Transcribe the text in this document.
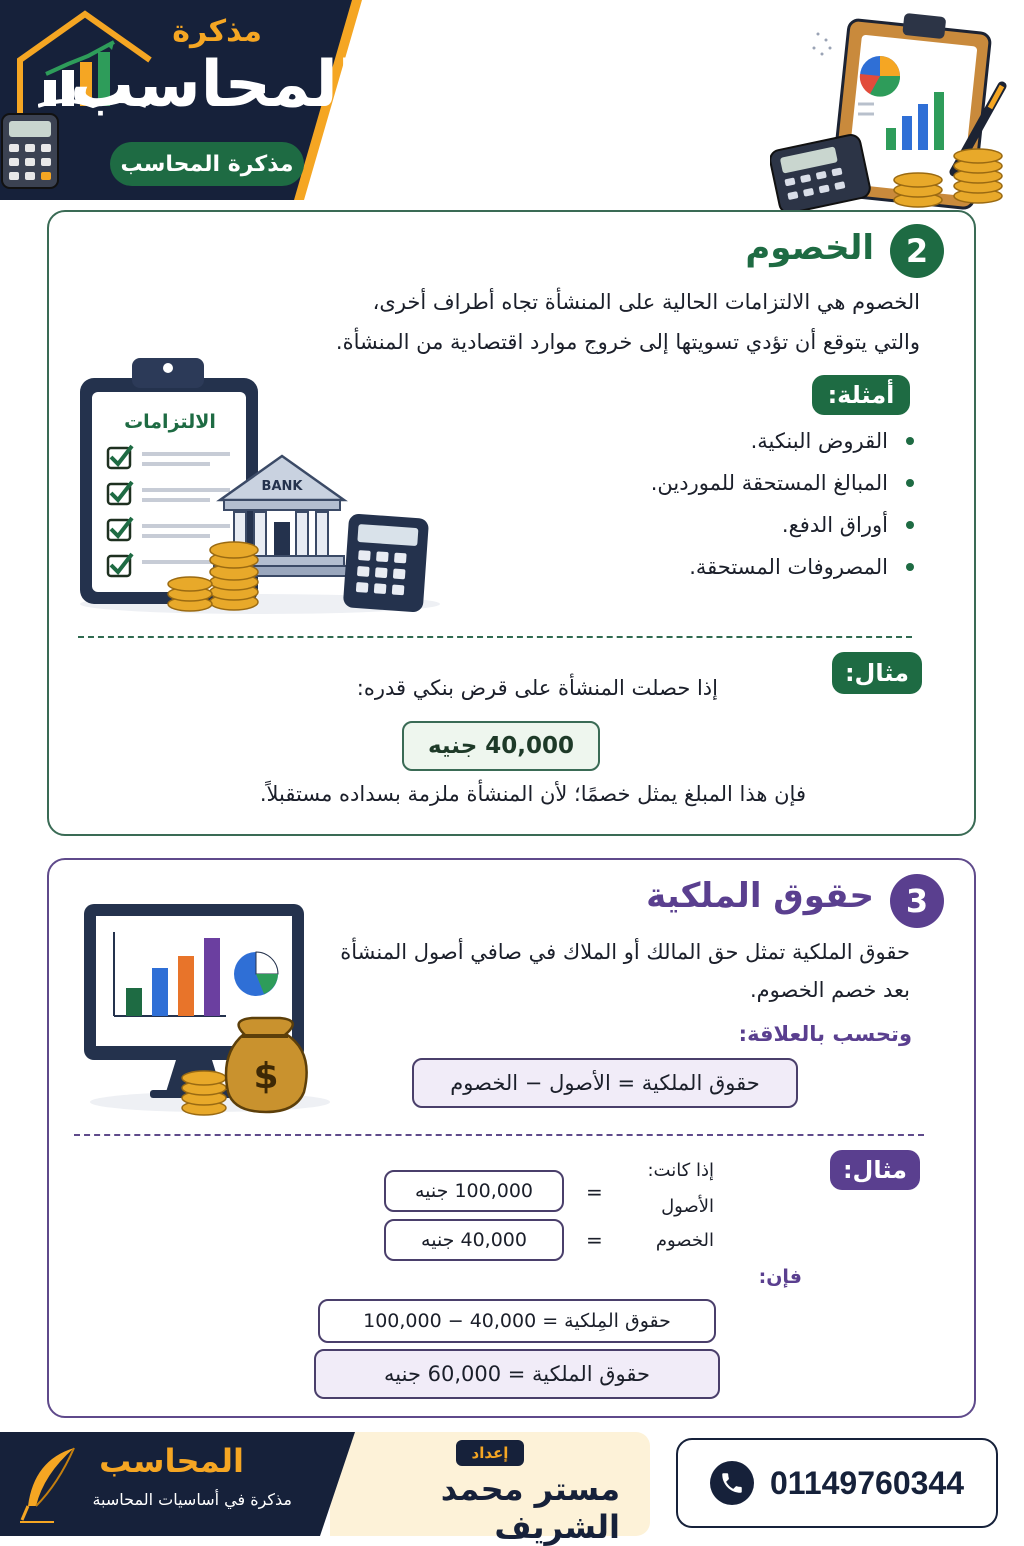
مذكرة
المحاسب
مذكرة المحاسب
2
الخصوم
الخصوم هي الالتزامات الحالية على المنشأة تجاه أطراف أخرى،
والتي يتوقع أن تؤدي تسويتها إلى خروج موارد اقتصادية من المنشأة.
أمثلة:
القروض البنكية.
المبالغ المستحقة للموردين.
أوراق الدفع.
المصروفات المستحقة.
الالتزامات
BANK
مثال:
إذا حصلت المنشأة على قرض بنكي قدره:
40,000 جنيه
فإن هذا المبلغ يمثل خصمًا؛ لأن المنشأة ملزمة بسداده مستقبلاً.
3
حقوق الملكية
حقوق الملكية تمثل حق المالك أو الملاك في صافي أصول المنشأة
بعد خصم الخصوم.
وتحسب بالعلاقة:
حقوق الملكية = الأصول − الخصوم
$
مثال:
إذا كانت:
الأصول
=
100,000 جنيه
الخصوم
=
40,000 جنيه
فإن:
حقوق المِلكية = 40,000 − 100,000
حقوق الملكية = 60,000 جنيه
المحاسب
مذكرة في أساسيات المحاسبة
إعداد
مستر محمد الشريف
01149760344
